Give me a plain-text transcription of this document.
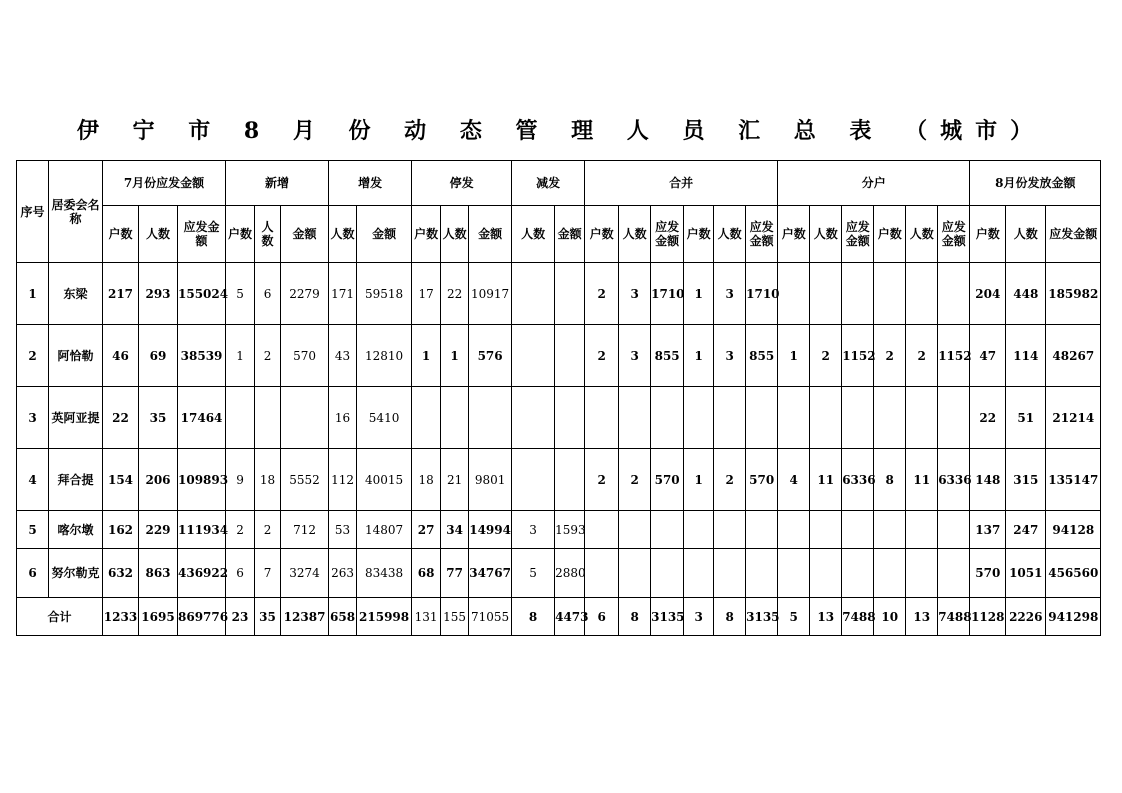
伊 宁 市 8 月 份 动 态 管 理 人 员 汇 总 表 （城市）
序号	居委会名称	7月份应发金额			新增			增发		停发			减发		合并						分户						8月份发放金额		
		户数	人数	应发金额	户数	人数	金额	人数	金额	户数	人数	金额	人数	金额	户数	人数	应发金额	户数	人数	应发金额	户数	人数	应发金额	户数	人数	应发金额	户数	人数	应发金额
1	东梁	217	293	155024	5	6	2279	171	59518	17	22	10917			2	3	1710	1	3	1710							204	448	185982
2	阿恰勒	46	69	38539	1	2	570	43	12810	1	1	576			2	3	855	1	3	855	1	2	1152	2	2	1152	47	114	48267
3	英阿亚提	22	35	17464				16	5410																		22	51	21214
4	拜合提	154	206	109893	9	18	5552	112	40015	18	21	9801			2	2	570	1	2	570	4	11	6336	8	11	6336	148	315	135147
5	喀尔墩	162	229	111934	2	2	712	53	14807	27	34	14994	3	1593													137	247	94128
6	努尔勒克	632	863	436922	6	7	3274	263	83438	68	77	34767	5	2880													570	1051	456560
合计		1233	1695	869776	23	35	12387	658	215998	131	155	71055	8	4473	6	8	3135	3	8	3135	5	13	7488	10	13	7488	1128	2226	941298
